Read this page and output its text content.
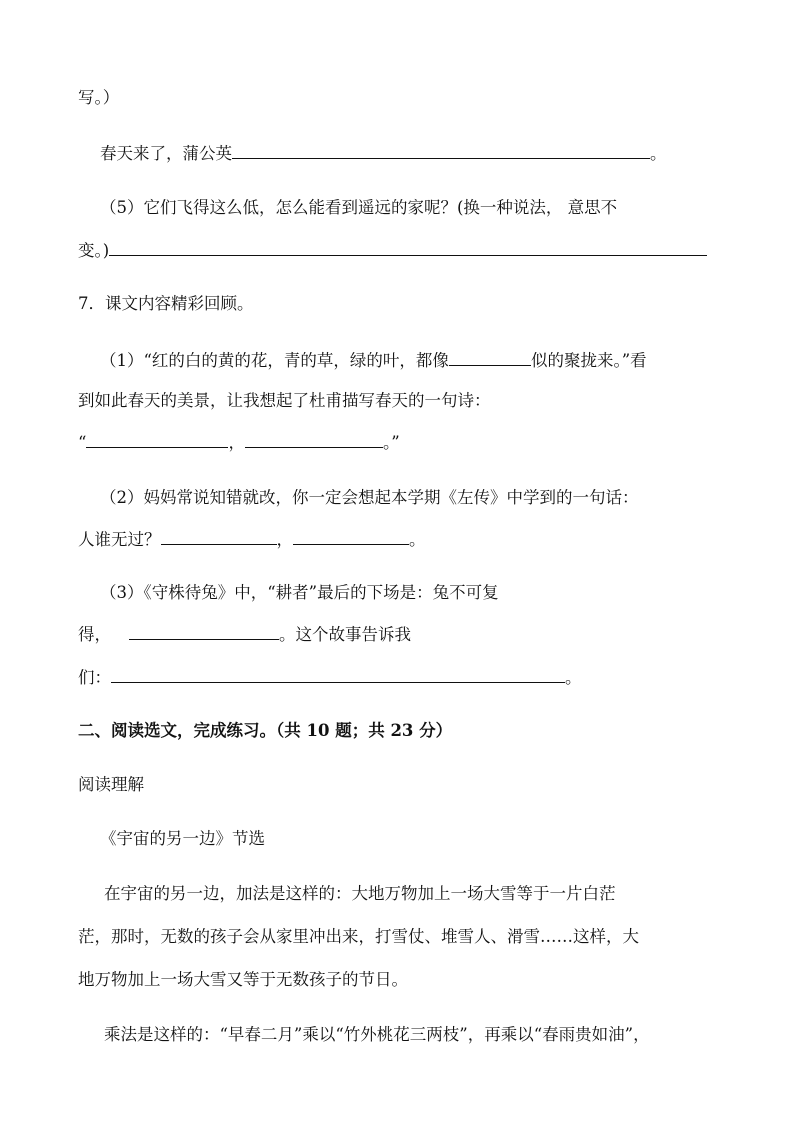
写。）
春天来了，蒲公英	。
（5）它们飞得这么低，怎么能看到遥远的家呢？(换一种说法， 意思不
变。)
7．课文内容精彩回顾。
（1）“红的白的黄的花，青的草，绿的叶，都像	似的聚拢来。”看
到如此春天的美景，让我想起了杜甫描写春天的一句诗：
“	，	。”
（2）妈妈常说知错就改，你一定会想起本学期《左传》中学到的一句话：
人谁无过？	，	。
（3）《守株待兔》中，“耕者”最后的下场是：兔不可复
得，	。这个故事告诉我
们：	。
二、阅读选文，完成练习。（共 10 题；共 23 分）
阅读理解
《宇宙的另一边》节选
在宇宙的另一边，加法是这样的：大地万物加上一场大雪等于一片白茫
茫，那时，无数的孩子会从家里冲出来，打雪仗、堆雪人、滑雪……这样，大
地万物加上一场大雪又等于无数孩子的节日。
乘法是这样的：“早春二月”乘以“竹外桃花三两枝”，再乘以“春雨贵如油”，
